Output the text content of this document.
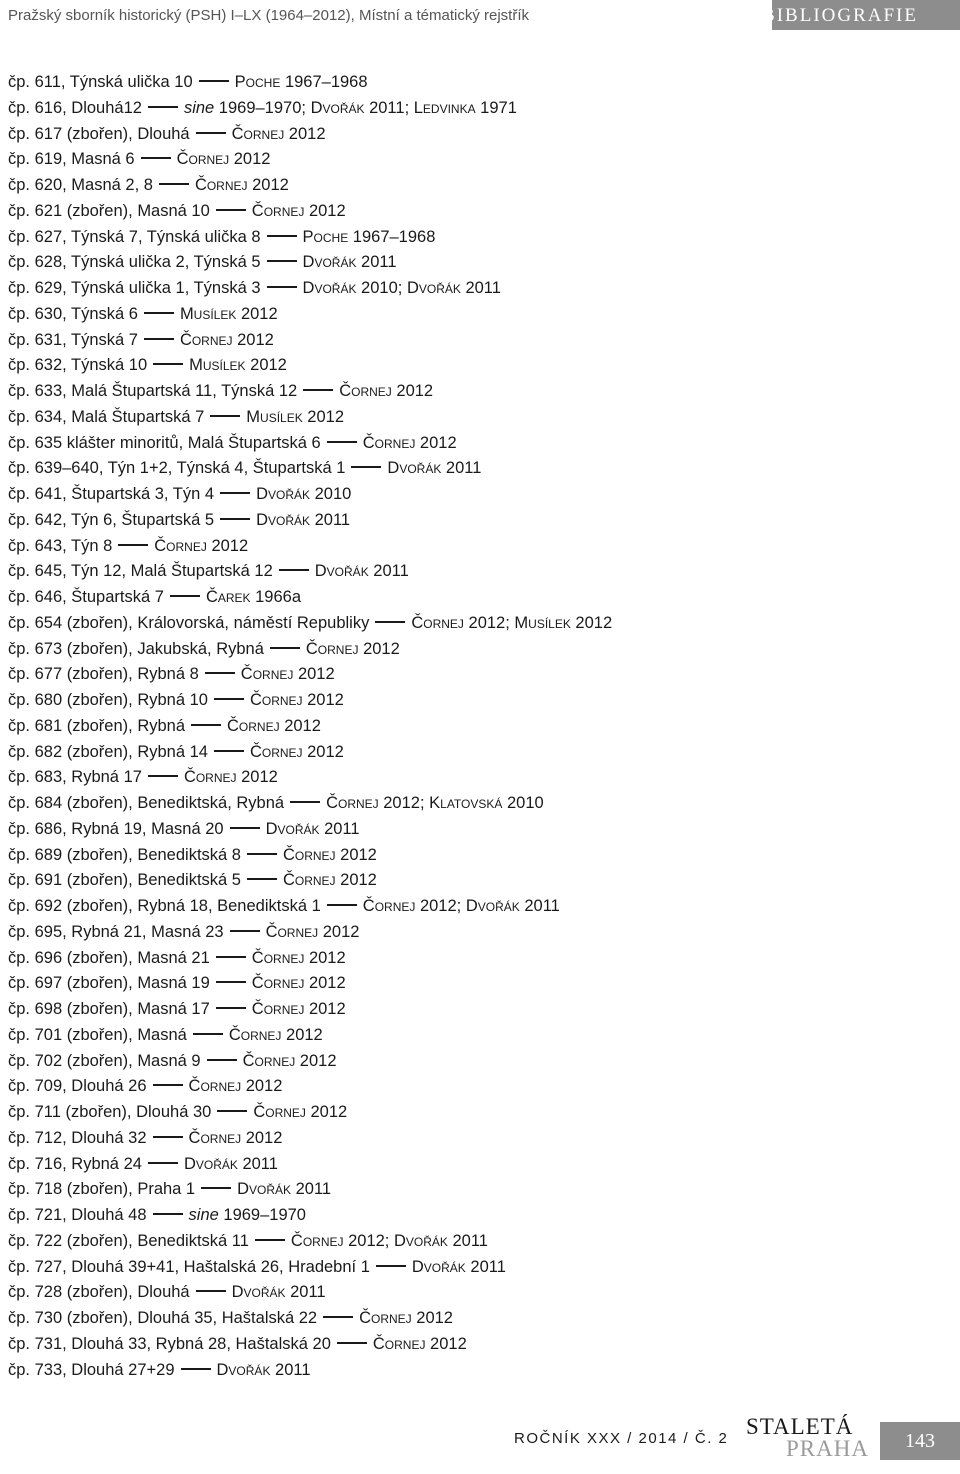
Pražský sborník historický (PSH) I–LX (1964–2012), Místní a tématický rejstřík	BIBLIOGRAFIE
čp. 611, Týnská ulička 10	Poche 1967–1968
čp. 616, Dlouhá12	sine 1969–1970; Dvořák 2011; Ledvinka 1971
čp. 617 (zbořen), Dlouhá	Čornej 2012
čp. 619, Masná 6	Čornej 2012
čp. 620, Masná 2, 8	Čornej 2012
čp. 621 (zbořen), Masná 10	Čornej 2012
čp. 627, Týnská 7, Týnská ulička 8	Poche 1967–1968
čp. 628, Týnská ulička 2, Týnská 5	Dvořák 2011
čp. 629, Týnská ulička 1, Týnská 3	Dvořák 2010; Dvořák 2011
čp. 630, Týnská 6	Musílek 2012
čp. 631, Týnská 7	Čornej 2012
čp. 632, Týnská 10	Musílek 2012
čp. 633, Malá Štupartská 11, Týnská 12	Čornej 2012
čp. 634, Malá Štupartská 7	Musílek 2012
čp. 635 klášter minoritů, Malá Štupartská 6	Čornej 2012
čp. 639–640, Týn 1+2, Týnská 4, Štupartská 1	Dvořák 2011
čp. 641, Štupartská 3, Týn 4	Dvořák 2010
čp. 642, Týn 6, Štupartská 5	Dvořák 2011
čp. 643, Týn 8	Čornej 2012
čp. 645, Týn 12, Malá Štupartská 12	Dvořák 2011
čp. 646, Štupartská 7	Čarek 1966a
čp. 654 (zbořen), Královorská, náměstí Republiky	Čornej 2012; Musílek 2012
čp. 673 (zbořen), Jakubská, Rybná	Čornej 2012
čp. 677 (zbořen), Rybná 8	Čornej 2012
čp. 680 (zbořen), Rybná 10	Čornej 2012
čp. 681 (zbořen), Rybná	Čornej 2012
čp. 682 (zbořen), Rybná 14	Čornej 2012
čp. 683, Rybná 17	Čornej 2012
čp. 684 (zbořen), Benediktská, Rybná	Čornej 2012; Klatovská 2010
čp. 686, Rybná 19, Masná 20	Dvořák 2011
čp. 689 (zbořen), Benediktská 8	Čornej 2012
čp. 691 (zbořen), Benediktská 5	Čornej 2012
čp. 692 (zbořen), Rybná 18, Benediktská 1	Čornej 2012; Dvořák 2011
čp. 695, Rybná 21, Masná 23	Čornej 2012
čp. 696 (zbořen), Masná 21	Čornej 2012
čp. 697 (zbořen), Masná 19	Čornej 2012
čp. 698 (zbořen), Masná 17	Čornej 2012
čp. 701 (zbořen), Masná	Čornej 2012
čp. 702 (zbořen), Masná 9	Čornej 2012
čp. 709, Dlouhá 26	Čornej 2012
čp. 711 (zbořen), Dlouhá 30	Čornej 2012
čp. 712, Dlouhá 32	Čornej 2012
čp. 716, Rybná 24	Dvořák 2011
čp. 718 (zbořen), Praha 1	Dvořák 2011
čp. 721, Dlouhá 48	sine 1969–1970
čp. 722 (zbořen), Benediktská 11	Čornej 2012; Dvořák 2011
čp. 727, Dlouhá 39+41, Haštalská 26, Hradební 1	Dvořák 2011
čp. 728 (zbořen), Dlouhá	Dvořák 2011
čp. 730 (zbořen), Dlouhá 35, Haštalská 22	Čornej 2012
čp. 731, Dlouhá 33, Rybná 28, Haštalská 20	Čornej 2012
čp. 733, Dlouhá 27+29	Dvořák 2011
ROČNÍK XXX / 2014 / Č. 2 STALETÁ
PRAHA	143
